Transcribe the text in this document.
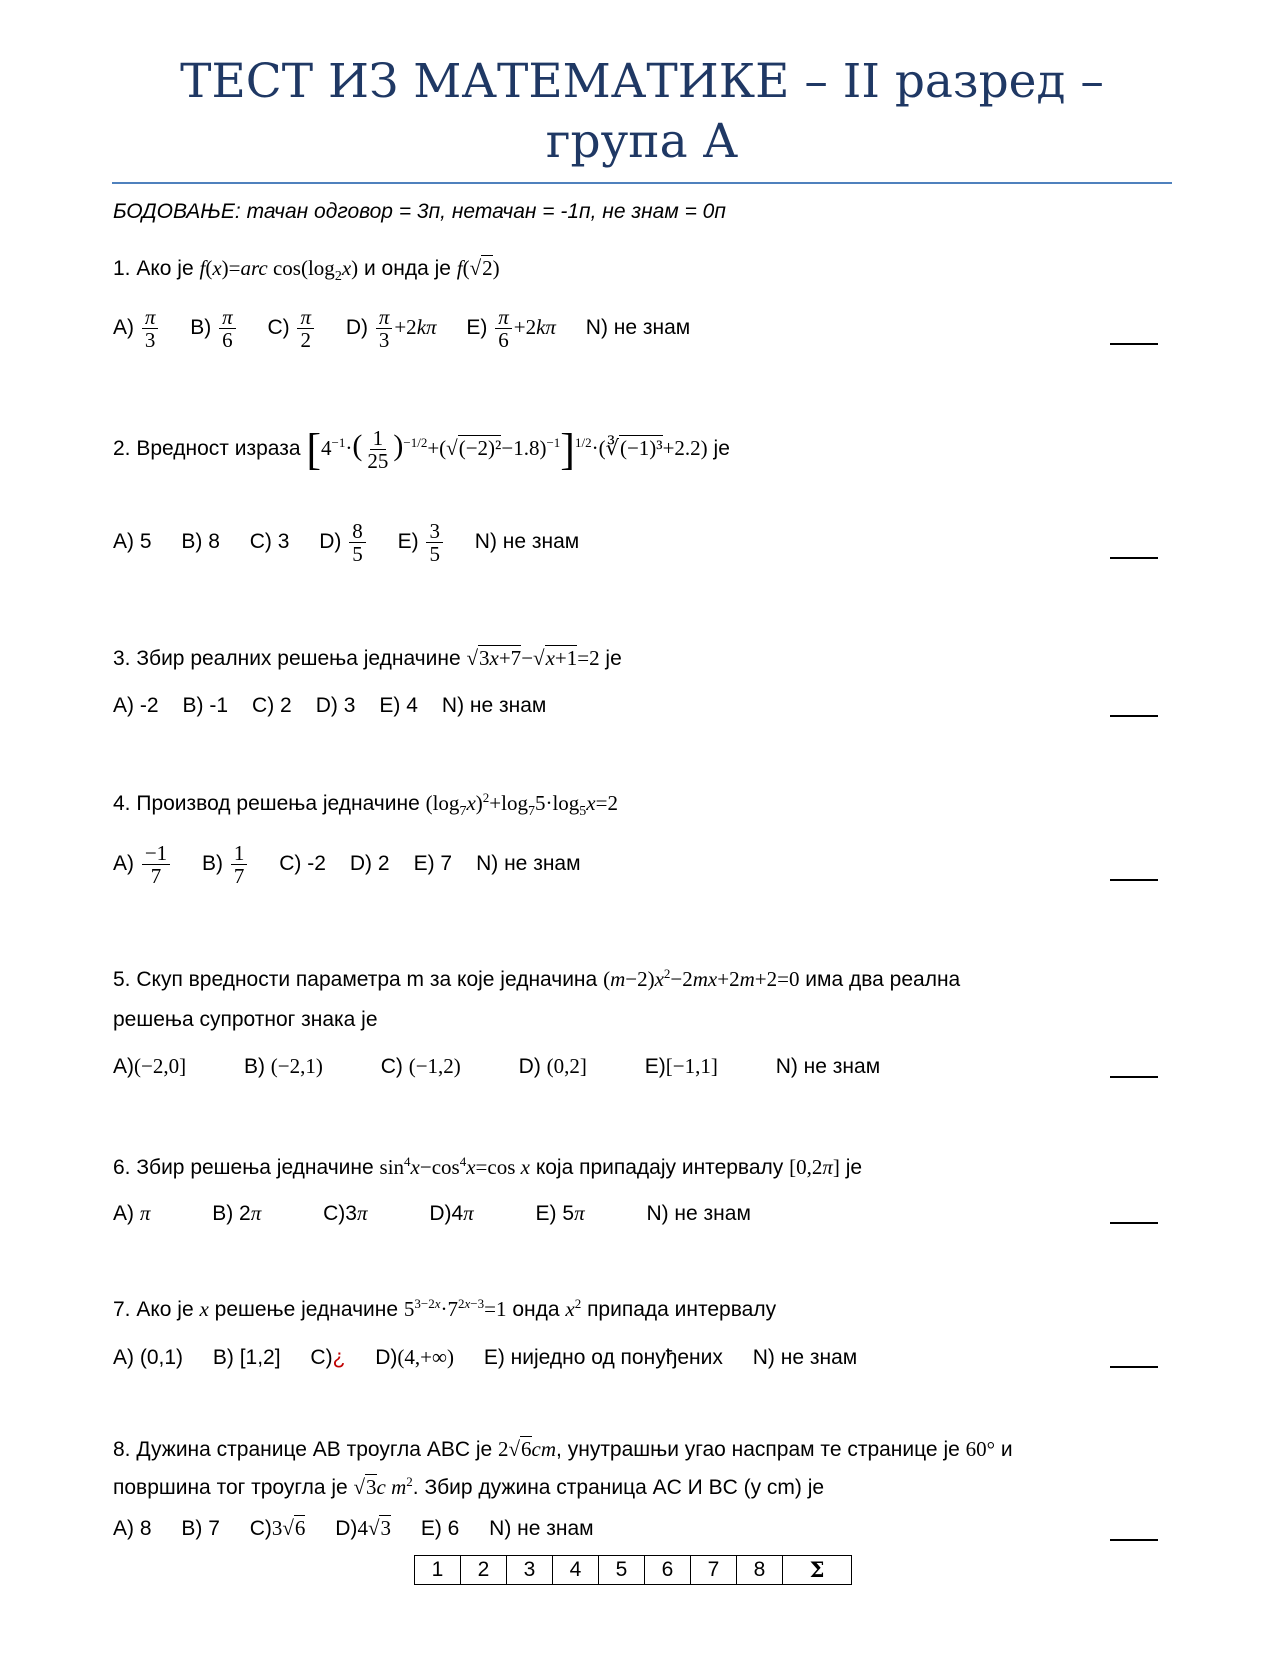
ТЕСТ ИЗ МАТЕМАТИКЕ – II разред –
група А
БОДОВАЊЕ: тачан одговор = 3п, нетачан = -1п, не знам = 0п
1. Ако је f(x)=arc $\cos(\log_2x)$ и онда је f(√2)
$A) \frac{\pi}{3} B) \frac{\pi}{6} C) \frac{\pi}{2} D) \frac{\pi}{3} +2k\pi$ $E) \frac{\pi}{6} +2k\pi$ N) не знам
2. Вредност израза [$4^{-1}\cdot( \frac{1}{25}$ )$^{-1/2}+(√(-2)^2-1.8)^{-1}]^{1/2}\cdot(∛(-1)^3+2.2)$ је
A) 5 B) 8 C) 3 $D) \frac{8}{5} E) \frac{3}{5} N$) не знам
3. Збир реалних решења једначине √3x+7−√x+1=2 је
A) -2 B) -1 C) 2 D) 3 E) 4 N) не знам
4. Производ решења једначине $(\log_7x)^2+\log_75\cdot\log_5x=2$
$A) \frac{-1}{7} B) \frac{1}{7} C$) -2 D) 2 E) 7 N) не знам
5. Скуп вредности параметра m за које једначина $(m-2)x^2-2mx+2m+2=0$ има два реална
решења супротног знака је
A)(−2,0]	B) (−2,1)	C) (−1,2)	D) (0,2]	E)[−1,1]	N) не знам
6. Збир решења једначине $\sin^4x-\cos^4x=\cos$ x која припадају интервалу [0,2π] је
A) π	B) 2π	C)3π	D)4π	E) 5π	N) не знам
7. Ако је x решење једначине $5^{3-2x}\cdot 7^{2x-3}=1$ онда $x^2$ припада интервалу
A) (0,1) B) [1,2] C)¿ D)(4,+∞) E) ниједно од понуђених N) не знам
8. Дужина странице AB троугла ABC је 2√6cm, унутрашњи угао наспрам те странице је 60° и
површина тог троугла је √3c $m^2$. Збир дужина страница AC И BC (у cm) је
A) 8 B) 7 C)3√6 D)4√3 E) 6 N) не знам
1	2	3	4	5	6	7	8	Σ
